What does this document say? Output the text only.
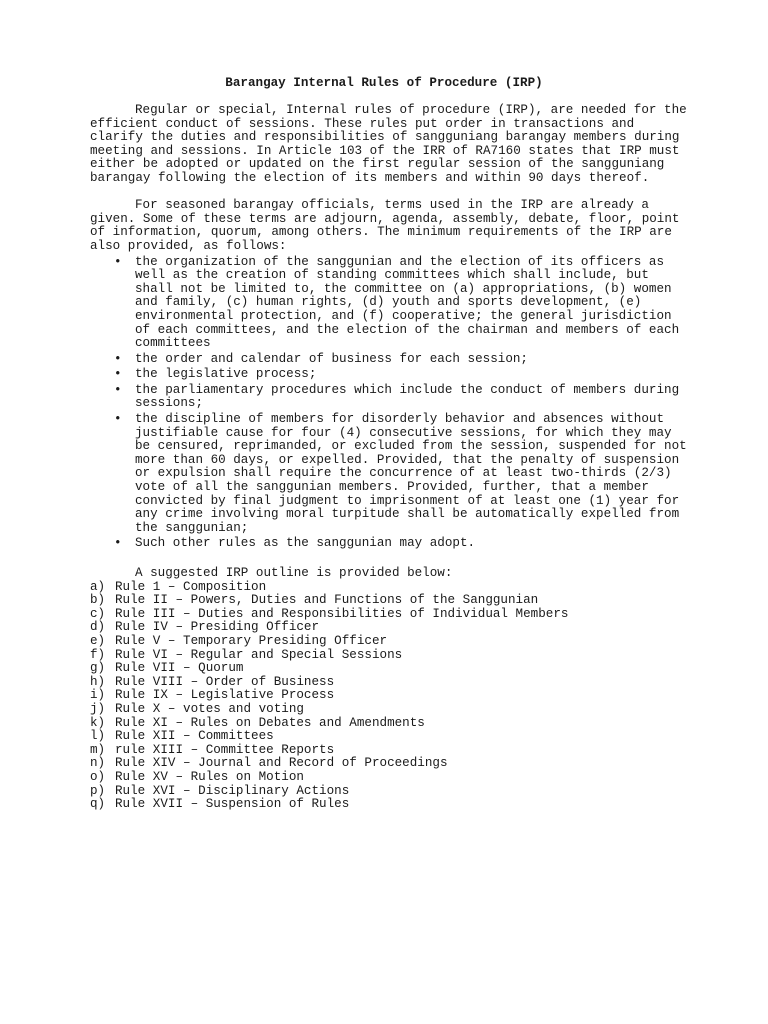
Barangay Internal Rules of Procedure (IRP)

Regular or special, Internal rules of procedure (IRP), are needed for the efficient conduct of sessions. These rules put order in transactions and clarify the duties and responsibilities of sangguniang barangay members during meeting and sessions. In Article 103 of the IRR of RA7160 states that IRP must either be adopted or updated on the first regular session of the sangguniang barangay following the election of its members and within 90 days thereof.

For seasoned barangay officials, terms used in the IRP are already a given. Some of these terms are adjourn, agenda, assembly, debate, floor, point of information, quorum, among others. The minimum requirements of the IRP are also provided, as follows:

• the organization of the sanggunian and the election of its officers as well as the creation of standing committees which shall include, but shall not be limited to, the committee on (a) appropriations, (b) women and family, (c) human rights, (d) youth and sports development, (e) environmental protection, and (f) cooperative; the general jurisdiction of each committees, and the election of the chairman and members of each committees
• the order and calendar of business for each session;
• the legislative process;
• the parliamentary procedures which include the conduct of members during sessions;
• the discipline of members for disorderly behavior and absences without justifiable cause for four (4) consecutive sessions, for which they may be censured, reprimanded, or excluded from the session, suspended for not more than 60 days, or expelled. Provided, that the penalty of suspension or expulsion shall require the concurrence of at least two-thirds (2/3) vote of all the sanggunian members. Provided, further, that a member convicted by final judgment to imprisonment of at least one (1) year for any crime involving moral turpitude shall be automatically expelled from the sanggunian;
• Such other rules as the sanggunian may adopt.

A suggested IRP outline is provided below:

a) Rule 1 – Composition
b) Rule II – Powers, Duties and Functions of the Sanggunian
c) Rule III – Duties and Responsibilities of Individual Members
d) Rule IV – Presiding Officer
e) Rule V – Temporary Presiding Officer
f) Rule VI – Regular and Special Sessions
g) Rule VII – Quorum
h) Rule VIII – Order of Business
i) Rule IX – Legislative Process
j) Rule X – votes and voting
k) Rule XI – Rules on Debates and Amendments
l) Rule XII – Committees
m) rule XIII – Committee Reports
n) Rule XIV – Journal and Record of Proceedings
o) Rule XV – Rules on Motion
p) Rule XVI – Disciplinary Actions
q) Rule XVII – Suspension of Rules
